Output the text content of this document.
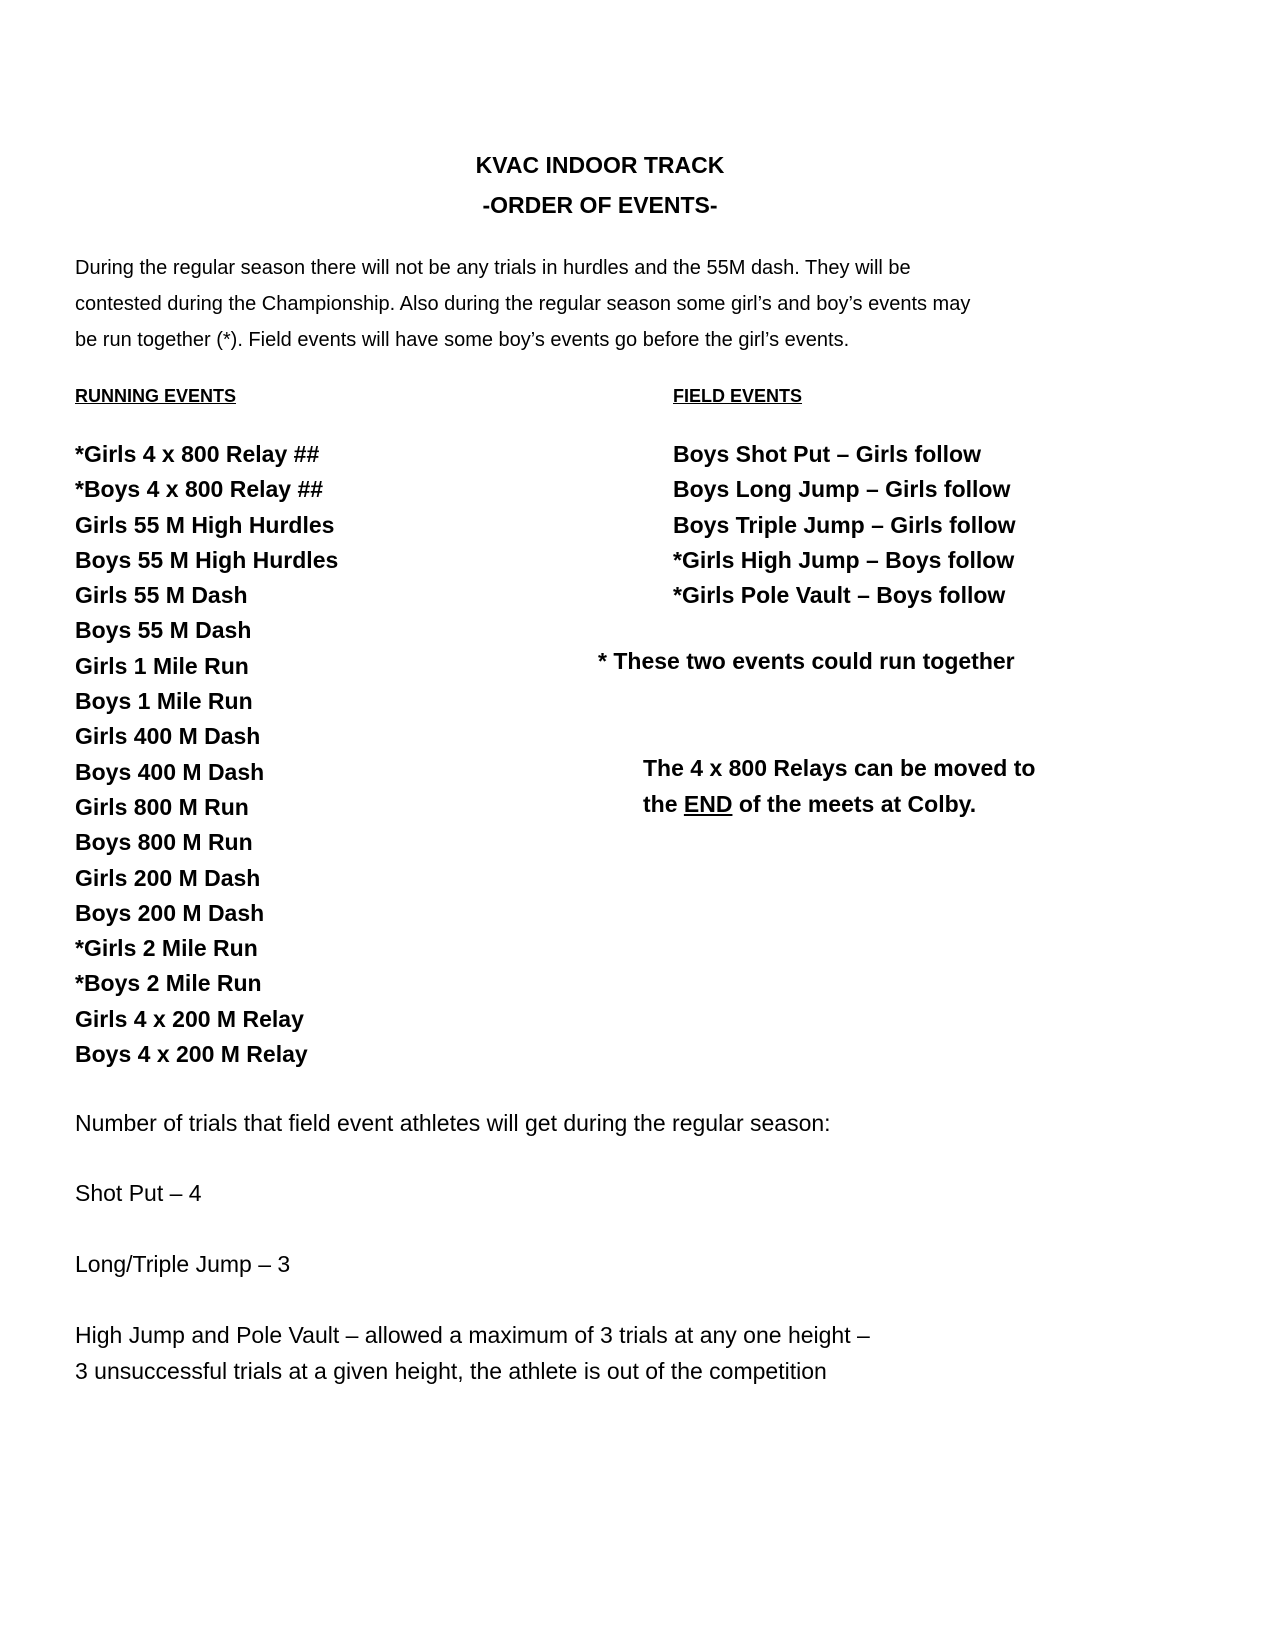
KVAC INDOOR TRACK
-ORDER OF EVENTS-
During the regular season there will not be any trials in hurdles and the 55M dash. They will be
contested during the Championship. Also during the regular season some girl’s and boy’s events may
be run together (*). Field events will have some boy’s events go before the girl’s events.
RUNNING EVENTS	FIELD EVENTS
*Girls 4 x 800 Relay ##
*Boys 4 x 800 Relay ##
Girls 55 M High Hurdles
Boys 55 M High Hurdles
Girls 55 M Dash
Boys 55 M Dash
Girls 1 Mile Run
Boys 1 Mile Run
Girls 400 M Dash
Boys 400 M Dash
Girls 800 M Run
Boys 800 M Run
Girls 200 M Dash
Boys 200 M Dash
*Girls 2 Mile Run
*Boys 2 Mile Run
Girls 4 x 200 M Relay
Boys 4 x 200 M Relay
Boys Shot Put – Girls follow
Boys Long Jump – Girls follow
Boys Triple Jump – Girls follow
*Girls High Jump – Boys follow
*Girls Pole Vault – Boys follow
* These two events could run together
The 4 x 800 Relays can be moved to
the END of the meets at Colby.
Number of trials that field event athletes will get during the regular season:
Shot Put – 4
Long/Triple Jump – 3
High Jump and Pole Vault – allowed a maximum of 3 trials at any one height –
3 unsuccessful trials at a given height, the athlete is out of the competition
